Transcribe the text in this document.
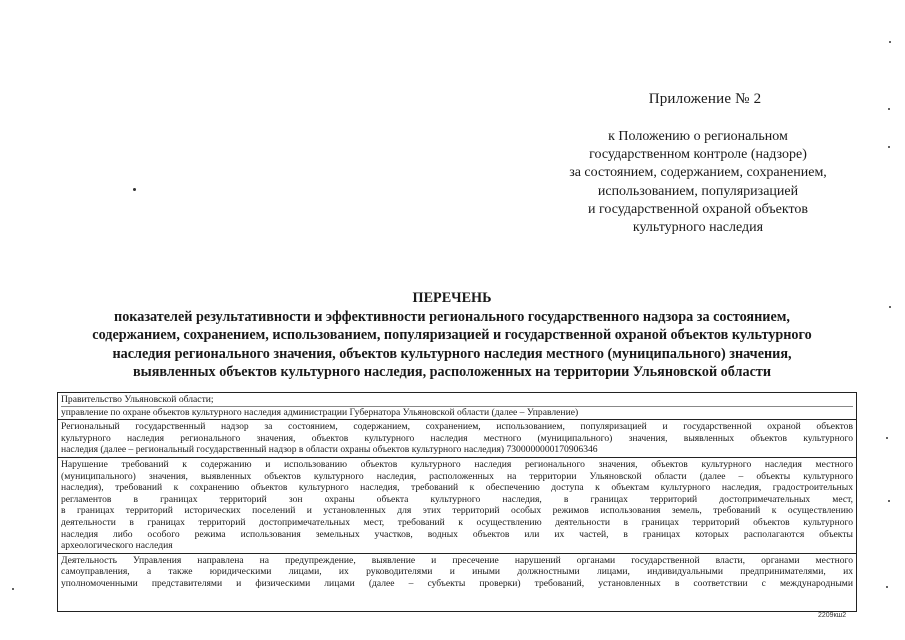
Приложение № 2
к Положению о региональном
государственном контроле (надзоре)
за состоянием, содержанием, сохранением,
использованием, популяризацией
и государственной охраной объектов
культурного наследия
ПЕРЕЧЕНЬ
показателей результативности и эффективности регионального государственного надзора за состоянием,
содержанием, сохранением, использованием, популяризацией и государственной охраной объектов культурного
наследия регионального значения, объектов культурного наследия местного (муниципального) значения,
выявленных объектов культурного наследия, расположенных на территории Ульяновской области
Правительство Ульяновской области;
управление по охране объектов культурного наследия администрации Губернатора Ульяновской области (далее – Управление)
Региональный государственный надзор за состоянием, содержанием, сохранением, использованием, популяризацией и государственной охраной объектов
культурного наследия регионального значения, объектов культурного наследия местного (муниципального) значения, выявленных объектов культурного
наследия (далее – региональный государственный надзор в области охраны объектов культурного наследия) 7300000000170906346
Нарушение требований к содержанию и использованию объектов культурного наследия регионального значения, объектов культурного наследия местного
(муниципального) значения, выявленных объектов культурного наследия, расположенных на территории Ульяновской области (далее – объекты культурного
наследия), требований к сохранению объектов культурного наследия, требований к обеспечению доступа к объектам культурного наследия, градостроительных
регламентов в границах территорий зон охраны объекта культурного наследия, в границах территорий достопримечательных мест,
в границах территорий исторических поселений и установленных для этих территорий особых режимов использования земель, требований к осуществлению
деятельности в границах территорий достопримечательных мест, требований к осуществлению деятельности в границах территорий объектов культурного
наследия либо особого режима использования земельных участков, водных объектов или их частей, в границах которых располагаются объекты
археологического наследия
Деятельность Управления направлена на предупреждение, выявление и пресечение нарушений органами государственной власти, органами местного
самоуправления, а также юридическими лицами, их руководителями и иными должностными лицами, индивидуальными предпринимателями, их
уполномоченными представителями и физическими лицами (далее – субъекты проверки) требований, установленных в соответствии с международными
2209кш2
